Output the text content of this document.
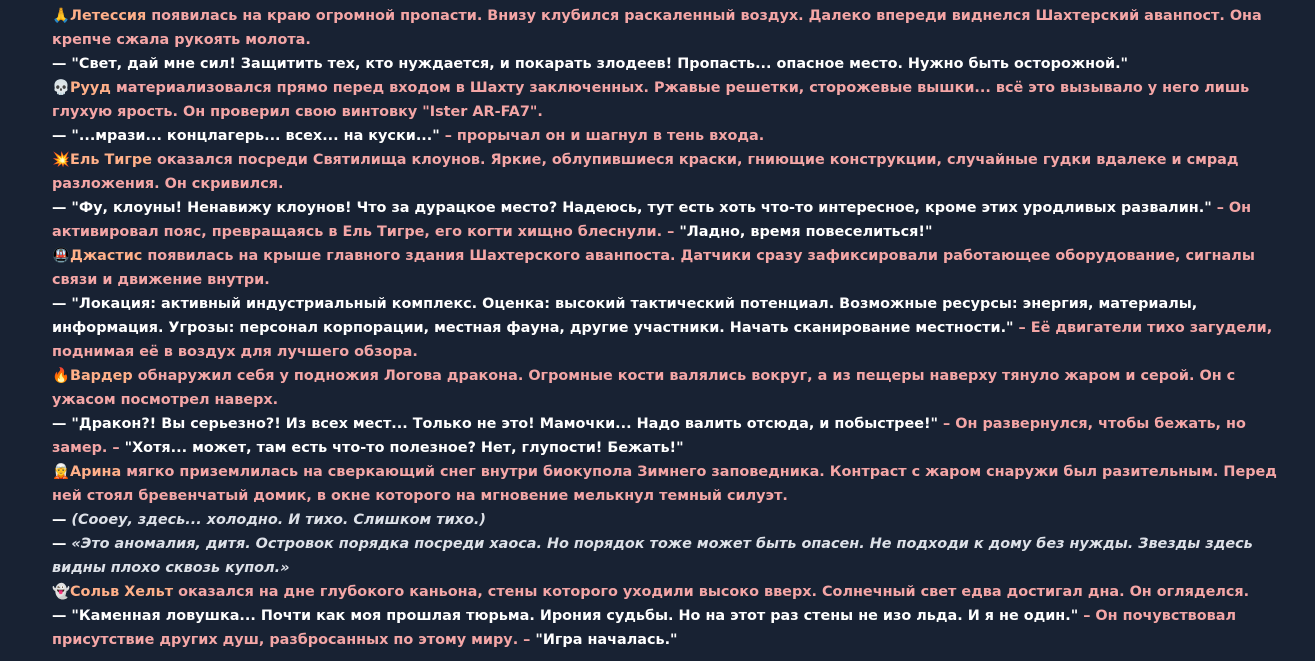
🙏Летессия появилась на краю огромной пропасти. Внизу клубился раскаленный воздух. Далеко впереди виднелся Шахтерский аванпост. Она крепче сжала рукоять молота.

— "Свет, дай мне сил! Защитить тех, кто нуждается, и покарать злодеев! Пропасть... опасное место. Нужно быть осторожной."

💀Рууд материализовался прямо перед входом в Шахту заключенных. Ржавые решетки, сторожевые вышки... всё это вызывало у него лишь глухую ярость. Он проверил свою винтовку "Ister AR-FA7".

— "...мрази... концлагерь... всех... на куски..." – прорычал он и шагнул в тень входа.

💥Ель Тигре оказался посреди Святилища клоунов. Яркие, облупившиеся краски, гниющие конструкции, случайные гудки вдалеке и смрад разложения. Он скривился.

— "Фу, клоуны! Ненавижу клоунов! Что за дурацкое место? Надеюсь, тут есть хоть что-то интересное, кроме этих уродливых развалин." – Он активировал пояс, превращаясь в Ель Тигре, его когти хищно блеснули. – "Ладно, время повеселиться!"

🚇Джастис появилась на крыше главного здания Шахтерского аванпоста. Датчики сразу зафиксировали работающее оборудование, сигналы связи и движение внутри.

— "Локация: активный индустриальный комплекс. Оценка: высокий тактический потенциал. Возможные ресурсы: энергия, материалы, информация. Угрозы: персонал корпорации, местная фауна, другие участники. Начать сканирование местности." – Её двигатели тихо загудели, поднимая её в воздух для лучшего обзора.

🔥Вардер обнаружил себя у подножия Логова дракона. Огромные кости валялись вокруг, а из пещеры наверху тянуло жаром и серой. Он с ужасом посмотрел наверх.

— "Дракон?! Вы серьезно?! Из всех мест... Только не это! Мамочки... Надо валить отсюда, и побыстрее!" – Он развернулся, чтобы бежать, но замер. – "Хотя... может, там есть что-то полезное? Нет, глупости! Бежать!"

🧝Арина мягко приземлилась на сверкающий снег внутри биокупола Зимнего заповедника. Контраст с жаром снаружи был разительным. Перед ней стоял бревенчатый домик, в окне которого на мгновение мелькнул темный силуэт.

— (Сооеу, здесь... холодно. И тихо. Слишком тихо.)

— «Это аномалия, дитя. Островок порядка посреди хаоса. Но порядок тоже может быть опасен. Не подходи к дому без нужды. Звезды здесь видны плохо сквозь купол.»

👻Сольв Хельт оказался на дне глубокого каньона, стены которого уходили высоко вверх. Солнечный свет едва достигал дна. Он огляделся.

— "Каменная ловушка... Почти как моя прошлая тюрьма. Ирония судьбы. Но на этот раз стены не изо льда. И я не один." – Он почувствовал присутствие других душ, разбросанных по этому миру. – "Игра началась."
